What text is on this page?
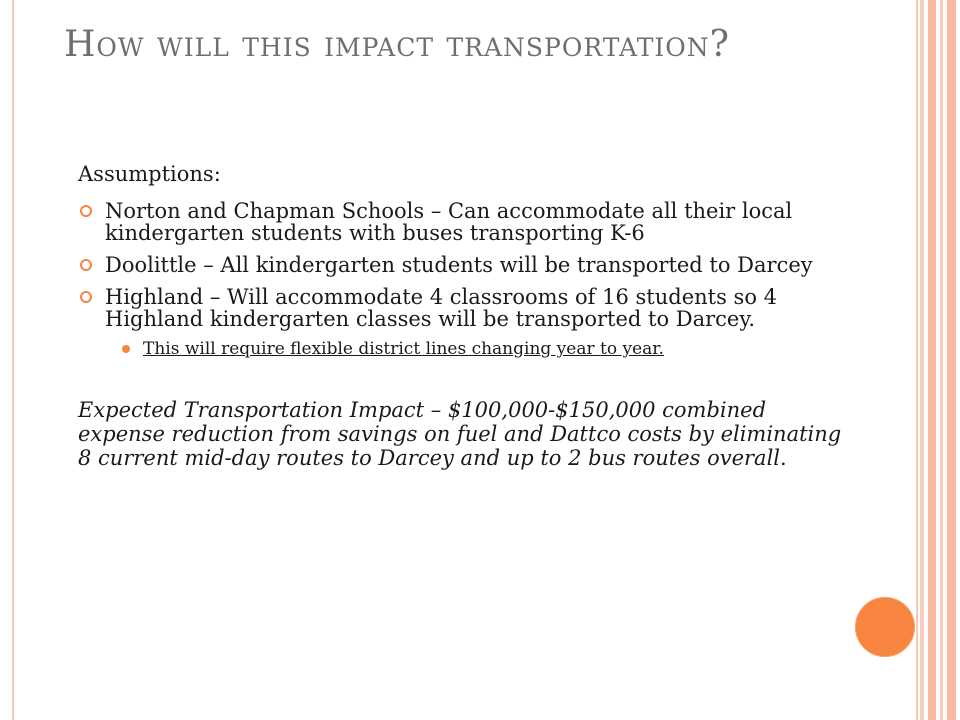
How will this impact transportation?
Assumptions:
Norton and Chapman Schools – Can accommodate all their local kindergarten students with buses transporting K-6
Doolittle – All kindergarten students will be transported to Darcey
Highland – Will accommodate 4 classrooms of 16 students so 4 Highland kindergarten classes will be transported to Darcey.
This will require flexible district lines changing year to year.
Expected Transportation Impact – $100,000-$150,000 combined expense reduction from savings on fuel and Dattco costs by eliminating 8 current mid-day routes to Darcey and up to 2 bus routes overall.
